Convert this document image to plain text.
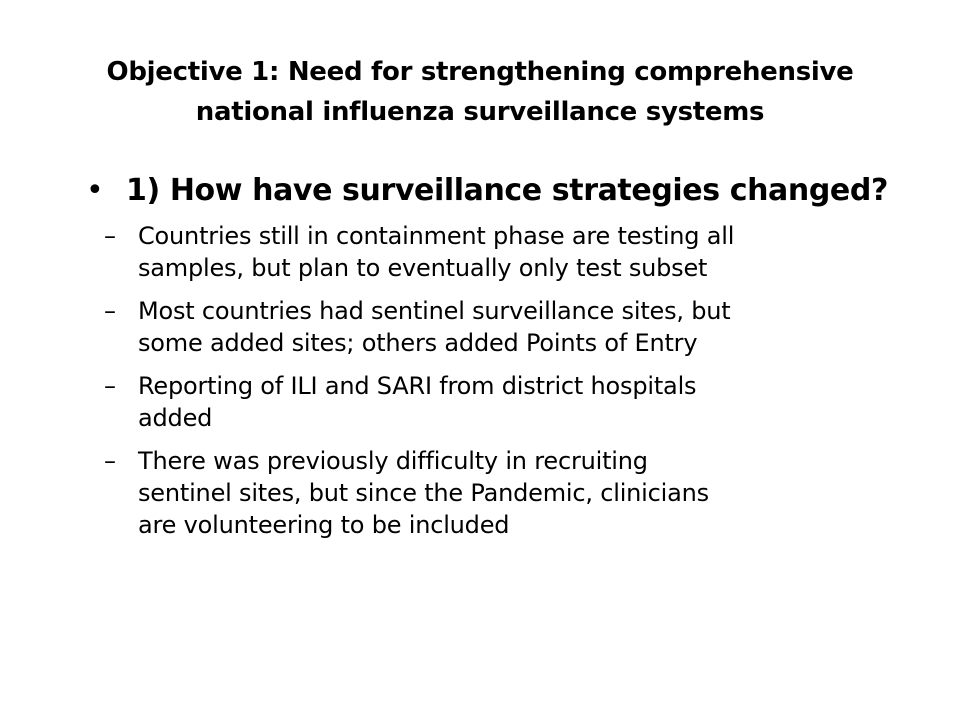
Objective 1: Need for strengthening comprehensive
national influenza surveillance systems
• 1) How have surveillance strategies changed?
– Countries still in containment phase are testing all
samples, but plan to eventually only test subset
– Most countries had sentinel surveillance sites, but
some added sites; others added Points of Entry
– Reporting of ILI and SARI from district hospitals
added
– There was previously difficulty in recruiting
sentinel sites, but since the Pandemic, clinicians
are volunteering to be included
